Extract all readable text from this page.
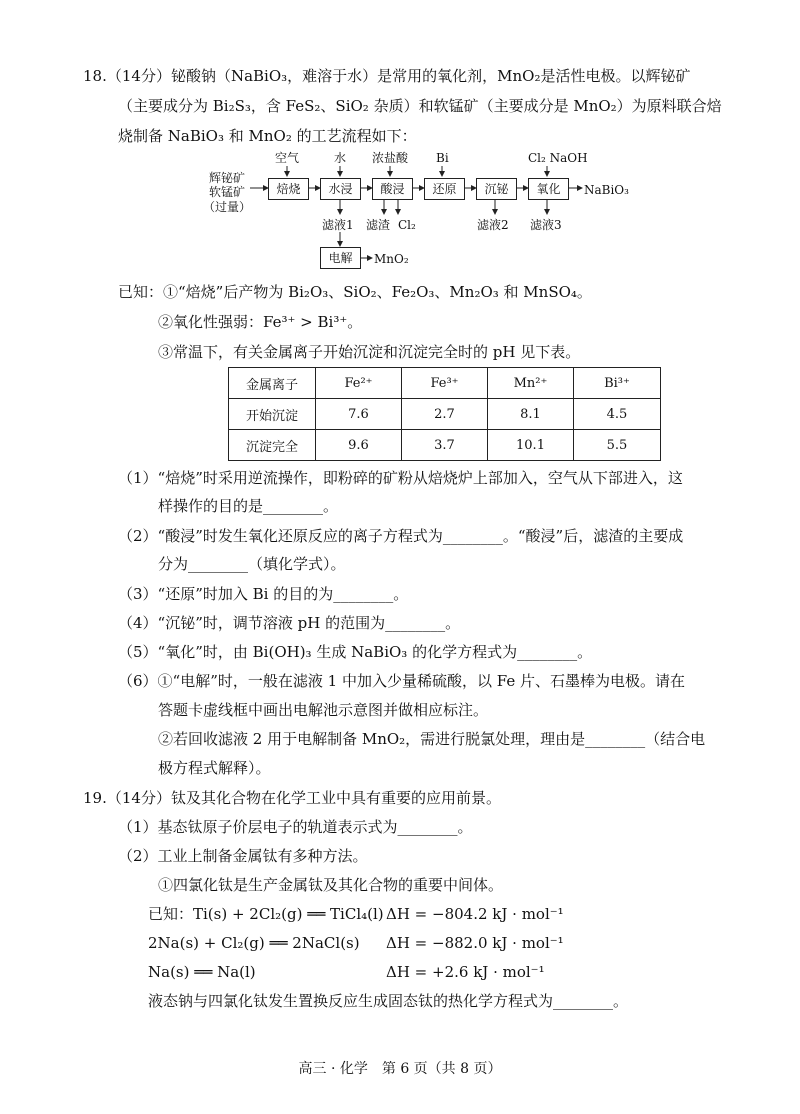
18.（14分）铋酸钠（NaBiO₃，难溶于水）是常用的氧化剂，MnO₂是活性电极。以辉铋矿
（主要成分为 Bi₂S₃，含 FeS₂、SiO₂ 杂质）和软锰矿（主要成分是 MnO₂）为原料联合焙
烧制备 NaBiO₃ 和 MnO₂ 的工艺流程如下：
辉铋矿
软锰矿
（过量）
焙烧	水浸	酸浸	还原	沉铋	氧化
空气	水 浓盐酸 Bi	Cl₂ NaOH
NaBiO₃
滤液1 滤渣 Cl₂	滤液2 滤液3
电解	MnO₂
已知：①“焙烧”后产物为 Bi₂O₃、SiO₂、Fe₂O₃、Mn₂O₃ 和 MnSO₄。
②氧化性强弱：Fe³⁺ > Bi³⁺。
③常温下，有关金属离子开始沉淀和沉淀完全时的 pH 见下表。
金属离子	Fe²⁺	Fe³⁺	Mn²⁺	Bi³⁺
开始沉淀	7.6	2.7	8.1	4.5
沉淀完全	9.6	3.7	10.1	5.5
（1）“焙烧”时采用逆流操作，即粉碎的矿粉从焙烧炉上部加入，空气从下部进入，这
样操作的目的是________。
（2）“酸浸”时发生氧化还原反应的离子方程式为________。“酸浸”后，滤渣的主要成
分为________（填化学式）。
（3）“还原”时加入 Bi 的目的为________。
（4）“沉铋”时，调节溶液 pH 的范围为________。
（5）“氧化”时，由 Bi(OH)₃ 生成 NaBiO₃ 的化学方程式为________。
（6）①“电解”时，一般在滤液 1 中加入少量稀硫酸，以 Fe 片、石墨棒为电极。请在
答题卡虚线框中画出电解池示意图并做相应标注。
②若回收滤液 2 用于电解制备 MnO₂，需进行脱氯处理，理由是________（结合电
极方程式解释）。
19.（14分）钛及其化合物在化学工业中具有重要的应用前景。
（1）基态钛原子价层电子的轨道表示式为________。
（2）工业上制备金属钛有多种方法。
①四氯化钛是生产金属钛及其化合物的重要中间体。
已知：Ti(s) + 2Cl₂(g) ══ TiCl₄(l) ΔH = −804.2 kJ · mol⁻¹
2Na(s) + Cl₂(g) ══ 2NaCl(s) ΔH = −882.0 kJ · mol⁻¹
Na(s) ══ Na(l)	ΔH = +2.6 kJ · mol⁻¹
液态钠与四氯化钛发生置换反应生成固态钛的热化学方程式为________。
高三 · 化学　第 6 页（共 8 页）
